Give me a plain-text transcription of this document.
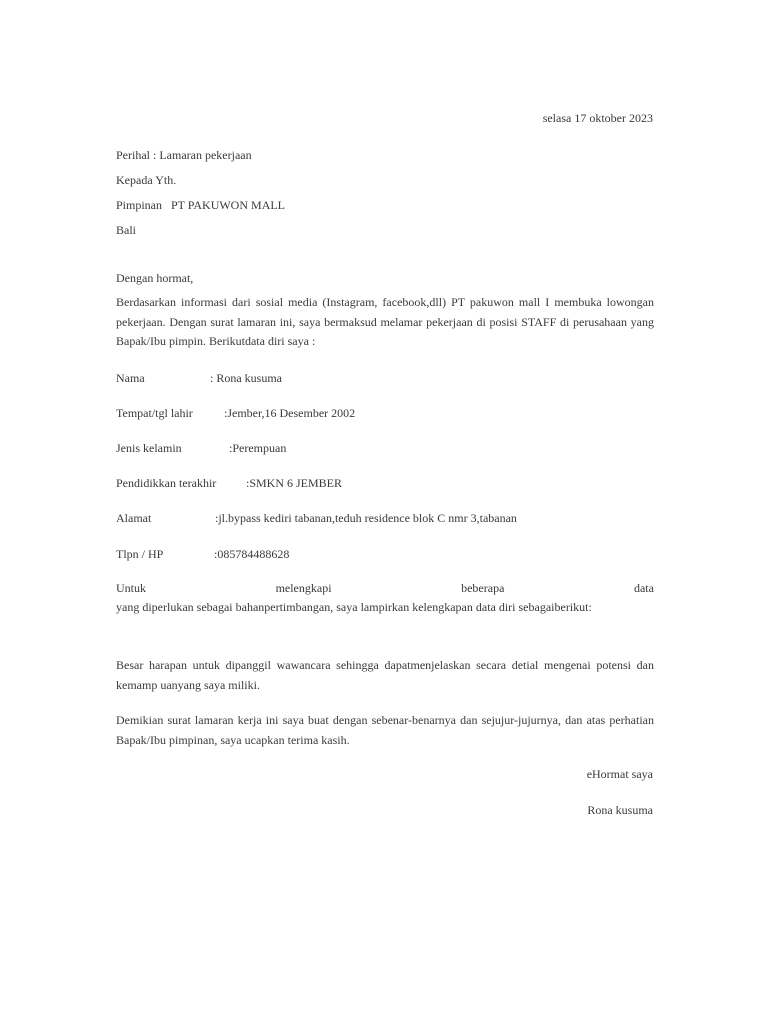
selasa 17 oktober 2023
Perihal : Lamaran pekerjaan
Kepada Yth.
Pimpinan   PT PAKUWON MALL
Bali
Dengan hormat,
Berdasarkan informasi dari sosial media (Instagram, facebook,dll) PT pakuwon mall I membuka lowongan pekerjaan. Dengan surat lamaran ini, saya bermaksud melamar pekerjaan di posisi STAFF di perusahaan yang Bapak/Ibu pimpin. Berikutdata diri saya :
Nama	: Rona kusuma
Tempat/tgl lahir	:Jember,16 Desember 2002
Jenis kelamin	:Perempuan
Pendidikkan terakhir :SMKN 6 JEMBER
Alamat	:jl.bypass kediri tabanan,teduh residence blok C nmr 3,tabanan
Tlpn / HP	:085784488628
Untuk	melengkapi	beberapa	data
yang diperlukan sebagai bahanpertimbangan, saya lampirkan kelengkapan data diri sebagaiberikut:
Besar harapan untuk dipanggil wawancara sehingga dapatmenjelaskan secara detial mengenai potensi dan kemamp uanyang saya miliki.
Demikian surat lamaran kerja ini saya buat dengan sebenar-benarnya dan sejujur-jujurnya, dan atas perhatian Bapak/Ibu pimpinan, saya ucapkan terima kasih.
eHormat saya
Rona kusuma
